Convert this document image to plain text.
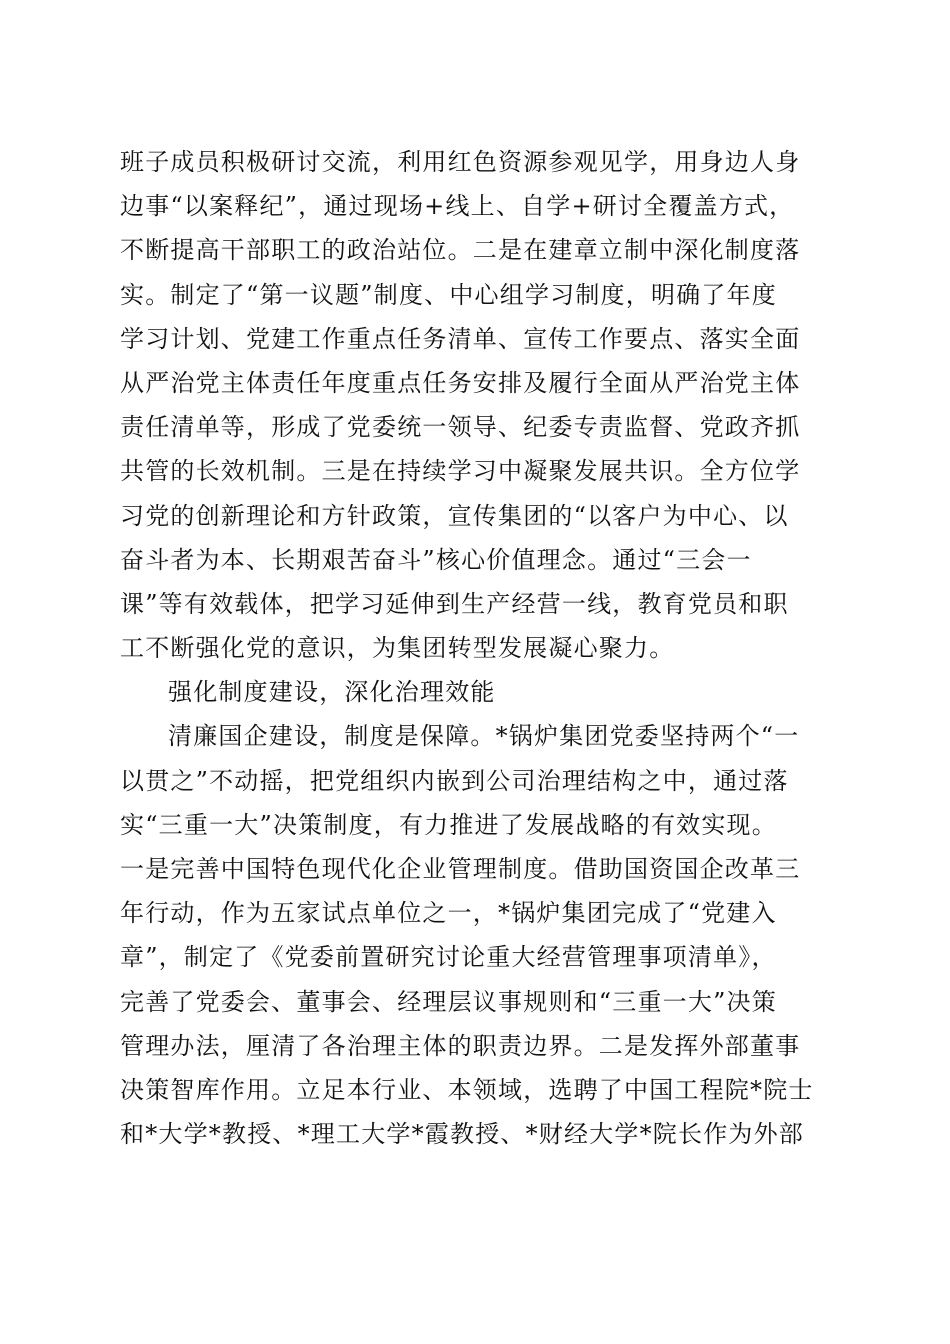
班子成员积极研讨交流，利用红色资源参观见学，用身边人身
边事“以案释纪”，通过现场+线上、自学+研讨全覆盖方式，
不断提高干部职工的政治站位。二是在建章立制中深化制度落
实。制定了“第一议题”制度、中心组学习制度，明确了年度
学习计划、党建工作重点任务清单、宣传工作要点、落实全面
从严治党主体责任年度重点任务安排及履行全面从严治党主体
责任清单等，形成了党委统一领导、纪委专责监督、党政齐抓
共管的长效机制。三是在持续学习中凝聚发展共识。全方位学
习党的创新理论和方针政策，宣传集团的“以客户为中心、以
奋斗者为本、长期艰苦奋斗”核心价值理念。通过“三会一
课”等有效载体，把学习延伸到生产经营一线，教育党员和职
工不断强化党的意识，为集团转型发展凝心聚力。
强化制度建设，深化治理效能
清廉国企建设，制度是保障。*锅炉集团党委坚持两个“一
以贯之”不动摇，把党组织内嵌到公司治理结构之中，通过落
实“三重一大”决策制度，有力推进了发展战略的有效实现。
一是完善中国特色现代化企业管理制度。借助国资国企改革三
年行动，作为五家试点单位之一，*锅炉集团完成了“党建入
章”，制定了《党委前置研究讨论重大经营管理事项清单》，
完善了党委会、董事会、经理层议事规则和“三重一大”决策
管理办法，厘清了各治理主体的职责边界。二是发挥外部董事
决策智库作用。立足本行业、本领域，选聘了中国工程院*院士
和*大学*教授、*理工大学*霞教授、*财经大学*院长作为外部
